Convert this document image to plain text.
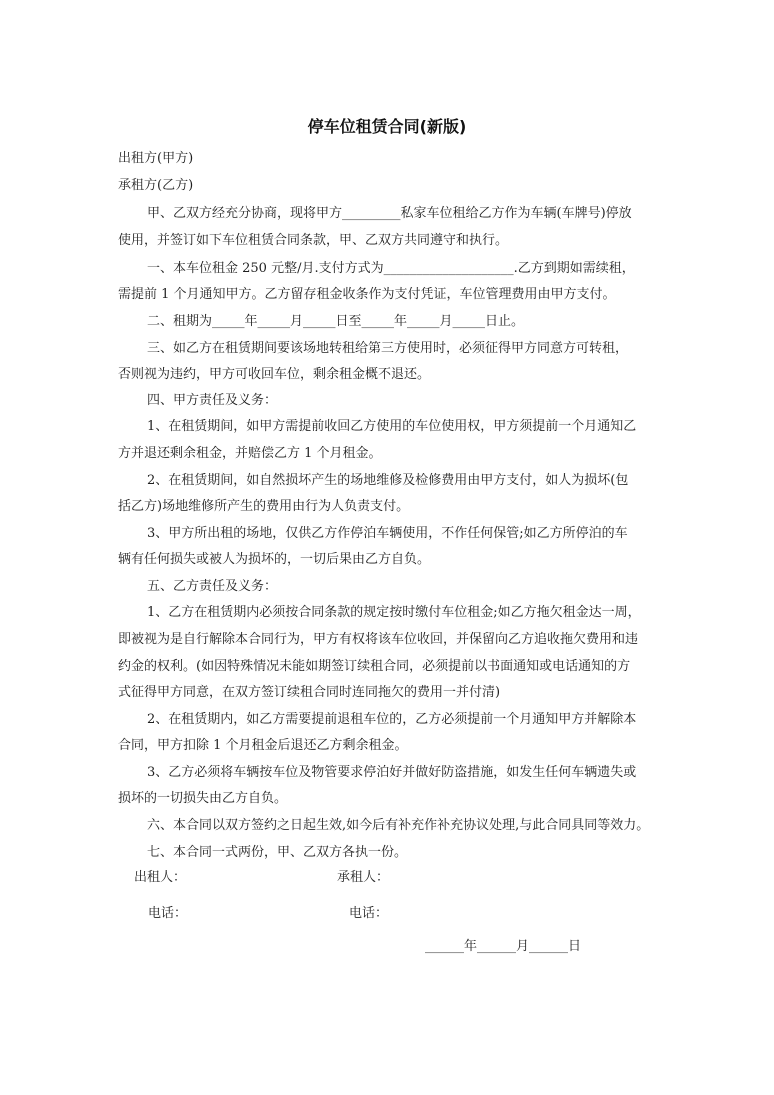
停车位租赁合同(新版)
出租方(甲方)
承租方(乙方)
甲、乙双方经充分协商，现将甲方_________私家车位租给乙方作为车辆(车牌号)停放
使用，并签订如下车位租赁合同条款，甲、乙双方共同遵守和执行。
一、本车位租金 250 元整/月.支付方式为____________________.乙方到期如需续租，
需提前 1 个月通知甲方。乙方留存租金收条作为支付凭证，车位管理费用由甲方支付。
二、租期为_____年_____月_____日至_____年_____月_____日止。
三、如乙方在租赁期间要该场地转租给第三方使用时，必须征得甲方同意方可转租，
否则视为违约，甲方可收回车位，剩余租金概不退还。
四、甲方责任及义务：
1、在租赁期间，如甲方需提前收回乙方使用的车位使用权，甲方须提前一个月通知乙
方并退还剩余租金，并赔偿乙方 1 个月租金。
2、在租赁期间，如自然损坏产生的场地维修及检修费用由甲方支付，如人为损坏(包
括乙方)场地维修所产生的费用由行为人负责支付。
3、甲方所出租的场地，仅供乙方作停泊车辆使用，不作任何保管;如乙方所停泊的车
辆有任何损失或被人为损坏的，一切后果由乙方自负。
五、乙方责任及义务：
1、乙方在租赁期内必须按合同条款的规定按时缴付车位租金;如乙方拖欠租金达一周，
即被视为是自行解除本合同行为，甲方有权将该车位收回，并保留向乙方追收拖欠费用和违
约金的权利。(如因特殊情况未能如期签订续租合同，必须提前以书面通知或电话通知的方
式征得甲方同意，在双方签订续租合同时连同拖欠的费用一并付清)
2、在租赁期内，如乙方需要提前退租车位的，乙方必须提前一个月通知甲方并解除本
合同，甲方扣除 1 个月租金后退还乙方剩余租金。
3、乙方必须将车辆按车位及物管要求停泊好并做好防盗措施，如发生任何车辆遗失或
损坏的一切损失由乙方自负。
六、本合同以双方签约之日起生效,如今后有补充作补充协议处理,与此合同具同等效力。
七、本合同一式两份，甲、乙双方各执一份。
出租人：	承租人：
电话：	电话：
______年______月______日
